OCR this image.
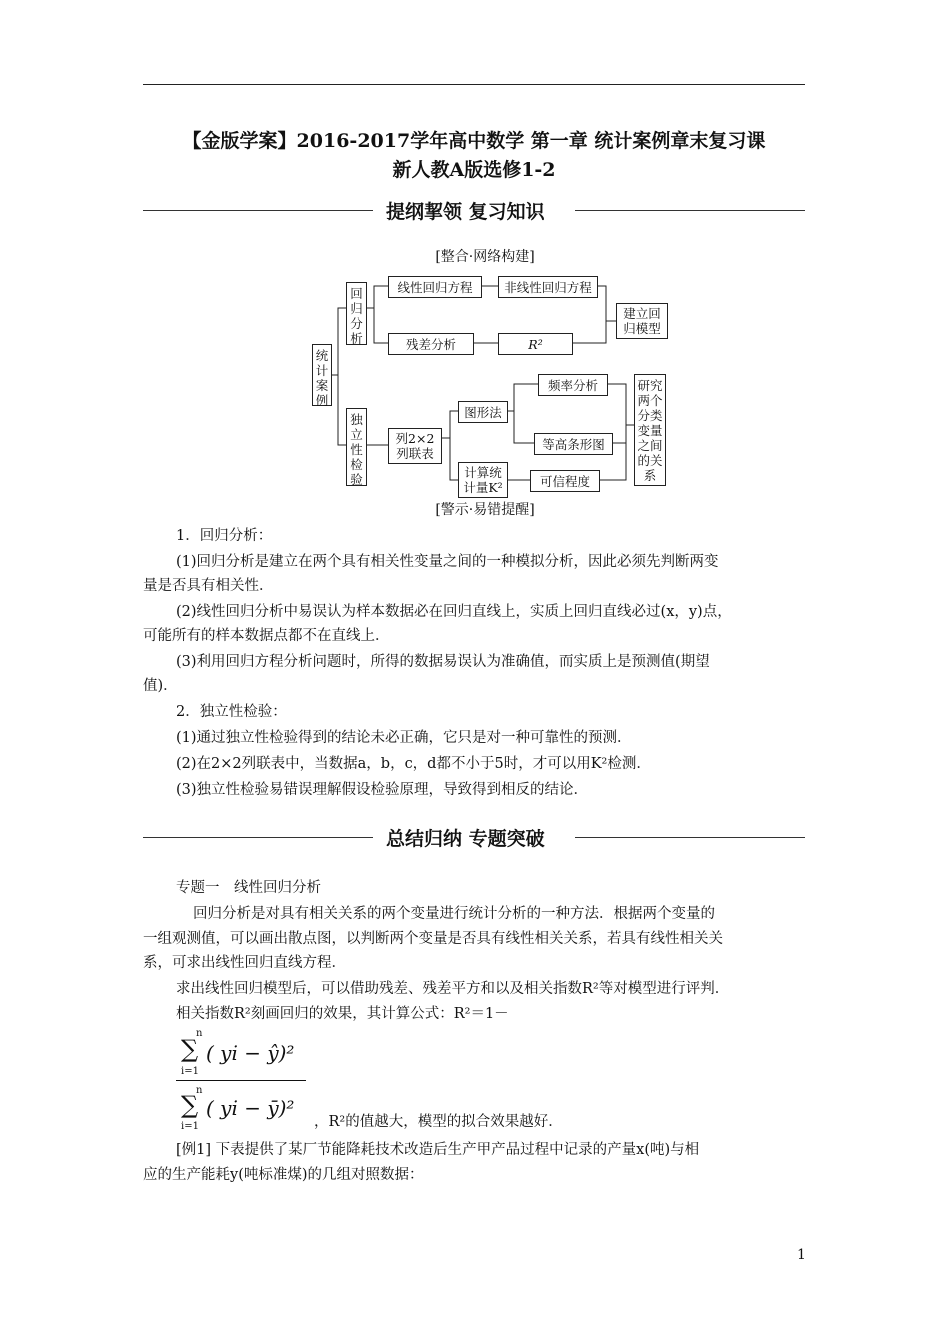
【金版学案】2016-2017学年高中数学 第一章 统计案例章末复习课
新人教A版选修1-2
提纲挈领 复习知识
[整合·网络构建]
统
计
案
例
回
归
分
析
独
立
性
检
验
线性回归方程	非线性回归方程
建立回
归模型
残差分析	R²
列2×2
列联表
图形法
频率分析
等高条形图
计算统
计量K²	可信程度
研究
两个
分类
变量
之间
的关
系
[警示·易错提醒]
1．回归分析：
(1)回归分析是建立在两个具有相关性变量之间的一种模拟分析，因此必须先判断两变
量是否具有相关性．
(2)线性回归分析中易误认为样本数据必在回归直线上，实质上回归直线必过(x，y)点，
可能所有的样本数据点都不在直线上．
(3)利用回归方程分析问题时，所得的数据易误认为准确值，而实质上是预测值(期望
值)．
2．独立性检验：
(1)通过独立性检验得到的结论未必正确，它只是对一种可靠性的预测．
(2)在2×2列联表中，当数据a，b，c，d都不小于5时，才可以用K²检测．
(3)独立性检验易错误理解假设检验原理，导致得到相反的结论．
总结归纳 专题突破
专题一　线性回归分析
回归分析是对具有相关关系的两个变量进行统计分析的一种方法．根据两个变量的
一组观测值，可以画出散点图，以判断两个变量是否具有线性相关关系，若具有线性相关关
系，可求出线性回归直线方程．
求出线性回归模型后，可以借助残差、残差平方和以及相关指数R²等对模型进行评判．
相关指数R²刻画回归的效果，其计算公式：R²＝1－
n
∑
i=1
( yi − ŷ)²
n
∑
i=1
( yi − ȳ)²
，R²的值越大，模型的拟合效果越好．
[例1] 下表提供了某厂节能降耗技术改造后生产甲产品过程中记录的产量x(吨)与相
应的生产能耗y(吨标准煤)的几组对照数据：
1
